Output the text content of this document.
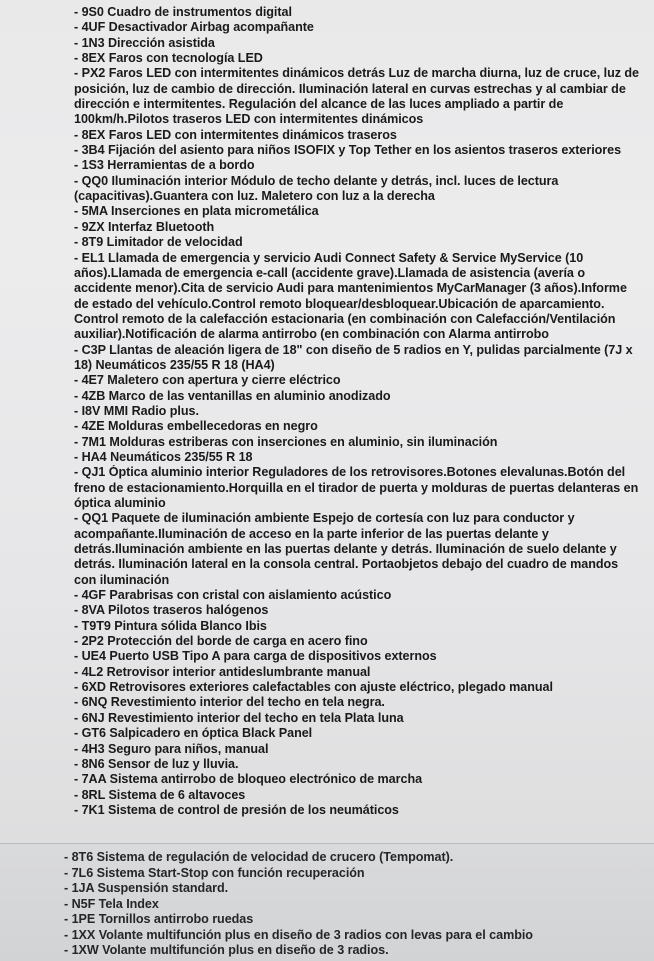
- 9S0 Cuadro de instrumentos digital
- 4UF Desactivador Airbag acompañante
- 1N3 Dirección asistida
- 8EX Faros con tecnología LED
- PX2 Faros LED con intermitentes dinámicos detrás Luz de marcha diurna, luz de cruce, luz de
posición, luz de cambio de dirección. Iluminación lateral en curvas estrechas y al cambiar de
dirección e intermitentes. Regulación del alcance de las luces ampliado a partir de
100km/h.Pilotos traseros LED con intermitentes dinámicos
- 8EX Faros LED con intermitentes dinámicos traseros
- 3B4 Fijación del asiento para niños ISOFIX y Top Tether en los asientos traseros exteriores
- 1S3 Herramientas de a bordo
- QQ0 Iluminación interior Módulo de techo delante y detrás, incl. luces de lectura
(capacitivas).Guantera con luz. Maletero con luz a la derecha
- 5MA Inserciones en plata micrometálica
- 9ZX Interfaz Bluetooth
- 8T9 Limitador de velocidad
- EL1 Llamada de emergencia y servicio Audi Connect Safety & Service MyService (10
años).Llamada de emergencia e-call (accidente grave).Llamada de asistencia (avería o
accidente menor).Cita de servicio Audi para mantenimientos MyCarManager (3 años).Informe
de estado del vehículo.Control remoto bloquear/desbloquear.Ubicación de aparcamiento.
Control remoto de la calefacción estacionaria (en combinación con Calefacción/Ventilación
auxiliar).Notificación de alarma antirrobo (en combinación con Alarma antirrobo
- C3P Llantas de aleación ligera de 18" con diseño de 5 radios en Y, pulidas parcialmente (7J x
18) Neumáticos 235/55 R 18 (HA4)
- 4E7 Maletero con apertura y cierre eléctrico
- 4ZB Marco de las ventanillas en aluminio anodizado
- I8V MMI Radio plus.
- 4ZE Molduras embellecedoras en negro
- 7M1 Molduras estriberas con inserciones en aluminio, sin iluminación
- HA4 Neumáticos 235/55 R 18
- QJ1 Óptica aluminio interior Reguladores de los retrovisores.Botones elevalunas.Botón del
freno de estacionamiento.Horquilla en el tirador de puerta y molduras de puertas delanteras en
óptica aluminio
- QQ1 Paquete de iluminación ambiente Espejo de cortesía con luz para conductor y
acompañante.Iluminación de acceso en la parte inferior de las puertas delante y
detrás.Iluminación ambiente en las puertas delante y detrás. Iluminación de suelo delante y
detrás. Iluminación lateral en la consola central. Portaobjetos debajo del cuadro de mandos
con iluminación
- 4GF Parabrisas con cristal con aislamiento acústico
- 8VA Pilotos traseros halógenos
- T9T9 Pintura sólida Blanco Ibis
- 2P2 Protección del borde de carga en acero fino
- UE4 Puerto USB Tipo A para carga de dispositivos externos
- 4L2 Retrovisor interior antideslumbrante manual
- 6XD Retrovisores exteriores calefactables con ajuste eléctrico, plegado manual
- 6NQ Revestimiento interior del techo en tela negra.
- 6NJ Revestimiento interior del techo en tela Plata luna
- GT6 Salpicadero en óptica Black Panel
- 4H3 Seguro para niños, manual
- 8N6 Sensor de luz y lluvia.
- 7AA Sistema antirrobo de bloqueo electrónico de marcha
- 8RL Sistema de 6 altavoces
- 7K1 Sistema de control de presión de los neumáticos
- 8T6 Sistema de regulación de velocidad de crucero (Tempomat).
- 7L6 Sistema Start-Stop con función recuperación
- 1JA Suspensión standard.
- N5F Tela Index
- 1PE Tornillos antirrobo ruedas
- 1XX Volante multifunción plus en diseño de 3 radios con levas para el cambio
- 1XW Volante multifunción plus en diseño de 3 radios.
